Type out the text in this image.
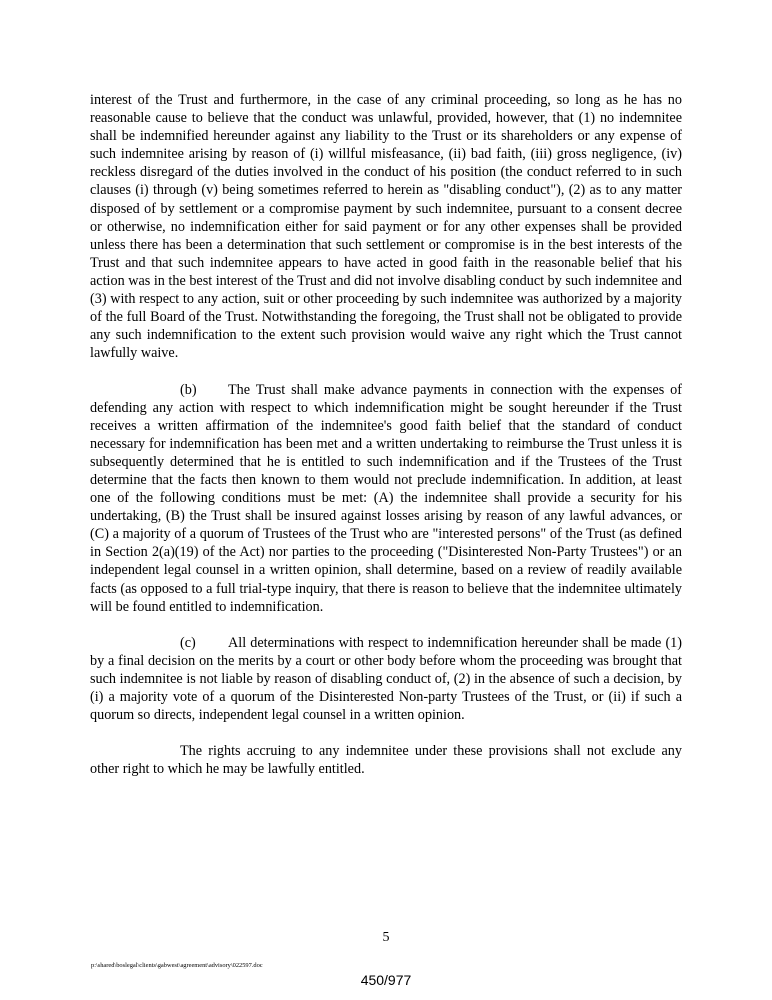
interest of the Trust and furthermore, in the case of any criminal proceeding, so long as he has no reasonable cause to believe that the conduct was unlawful, provided, however, that (1) no indemnitee shall be indemnified hereunder against any liability to the Trust or its shareholders or any expense of such indemnitee arising by reason of (i) willful misfeasance, (ii) bad faith, (iii) gross negligence, (iv) reckless disregard of the duties involved in the conduct of his position (the conduct referred to in such clauses (i) through (v) being sometimes referred to herein as "disabling conduct"), (2) as to any matter disposed of by settlement or a compromise payment by such indemnitee, pursuant to a consent decree or otherwise, no indemnification either for said payment or for any other expenses shall be provided unless there has been a determination that such settlement or compromise is in the best interests of the Trust and that such indemnitee appears to have acted in good faith in the reasonable belief that his action was in the best interest of the Trust and did not involve disabling conduct by such indemnitee and (3) with respect to any action, suit or other proceeding by such indemnitee was authorized by a majority of the full Board of the Trust. Notwithstanding the foregoing, the Trust shall not be obligated to provide any such indemnification to the extent such provision would waive any right which the Trust cannot lawfully waive.

(b) The Trust shall make advance payments in connection with the expenses of defending any action with respect to which indemnification might be sought hereunder if the Trust receives a written affirmation of the indemnitee's good faith belief that the standard of conduct necessary for indemnification has been met and a written undertaking to reimburse the Trust unless it is subsequently determined that he is entitled to such indemnification and if the Trustees of the Trust determine that the facts then known to them would not preclude indemnification. In addition, at least one of the following conditions must be met: (A) the indemnitee shall provide a security for his undertaking, (B) the Trust shall be insured against losses arising by reason of any lawful advances, or (C) a majority of a quorum of Trustees of the Trust who are "interested persons" of the Trust (as defined in Section 2(a)(19) of the Act) nor parties to the proceeding ("Disinterested Non-Party Trustees") or an independent legal counsel in a written opinion, shall determine, based on a review of readily available facts (as opposed to a full trial-type inquiry, that there is reason to believe that the indemnitee ultimately will be found entitled to indemnification.

(c) All determinations with respect to indemnification hereunder shall be made (1) by a final decision on the merits by a court or other body before whom the proceeding was brought that such indemnitee is not liable by reason of disabling conduct of, (2) in the absence of such a decision, by (i) a majority vote of a quorum of the Disinterested Non-party Trustees of the Trust, or (ii) if such a quorum so directs, independent legal counsel in a written opinion.

The rights accruing to any indemnitee under these provisions shall not exclude any other right to which he may be lawfully entitled.

5
p:\shared\boslegal\clients\gabwest\agreement\advisory\022597.doc
450/977
